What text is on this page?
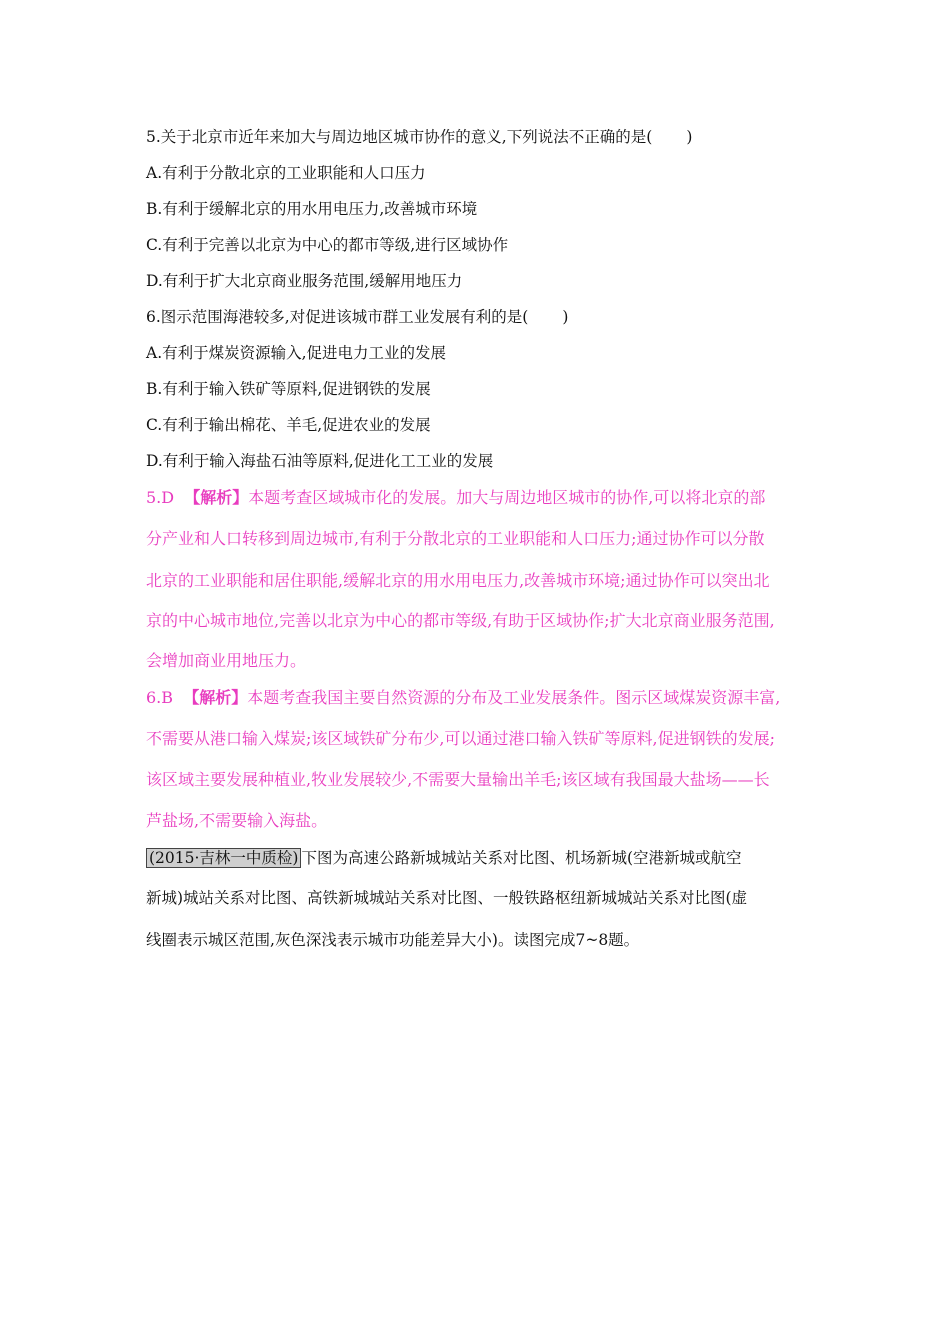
5.关于北京市近年来加大与周边地区城市协作的意义,下列说法不正确的是( )
A.有利于分散北京的工业职能和人口压力
B.有利于缓解北京的用水用电压力,改善城市环境
C.有利于完善以北京为中心的都市等级,进行区域协作
D.有利于扩大北京商业服务范围,缓解用地压力
6.图示范围海港较多,对促进该城市群工业发展有利的是( )
A.有利于煤炭资源输入,促进电力工业的发展
B.有利于输入铁矿等原料,促进钢铁的发展
C.有利于输出棉花、羊毛,促进农业的发展
D.有利于输入海盐石油等原料,促进化工工业的发展
5.D 【解析】本题考查区域城市化的发展。加大与周边地区城市的协作,可以将北京的部
分产业和人口转移到周边城市,有利于分散北京的工业职能和人口压力;通过协作可以分散
北京的工业职能和居住职能,缓解北京的用水用电压力,改善城市环境;通过协作可以突出北
京的中心城市地位,完善以北京为中心的都市等级,有助于区域协作;扩大北京商业服务范围,
会增加商业用地压力。
6.B 【解析】本题考查我国主要自然资源的分布及工业发展条件。图示区域煤炭资源丰富,
不需要从港口输入煤炭;该区域铁矿分布少,可以通过港口输入铁矿等原料,促进钢铁的发展;
该区域主要发展种植业,牧业发展较少,不需要大量输出羊毛;该区域有我国最大盐场——长
芦盐场,不需要输入海盐。
(2015·吉林一中质检) 下图为高速公路新城城站关系对比图、机场新城(空港新城或航空
新城)城站关系对比图、高铁新城城站关系对比图、一般铁路枢纽新城城站关系对比图(虚
线圈表示城区范围,灰色深浅表示城市功能差异大小)。读图完成7~8题。
